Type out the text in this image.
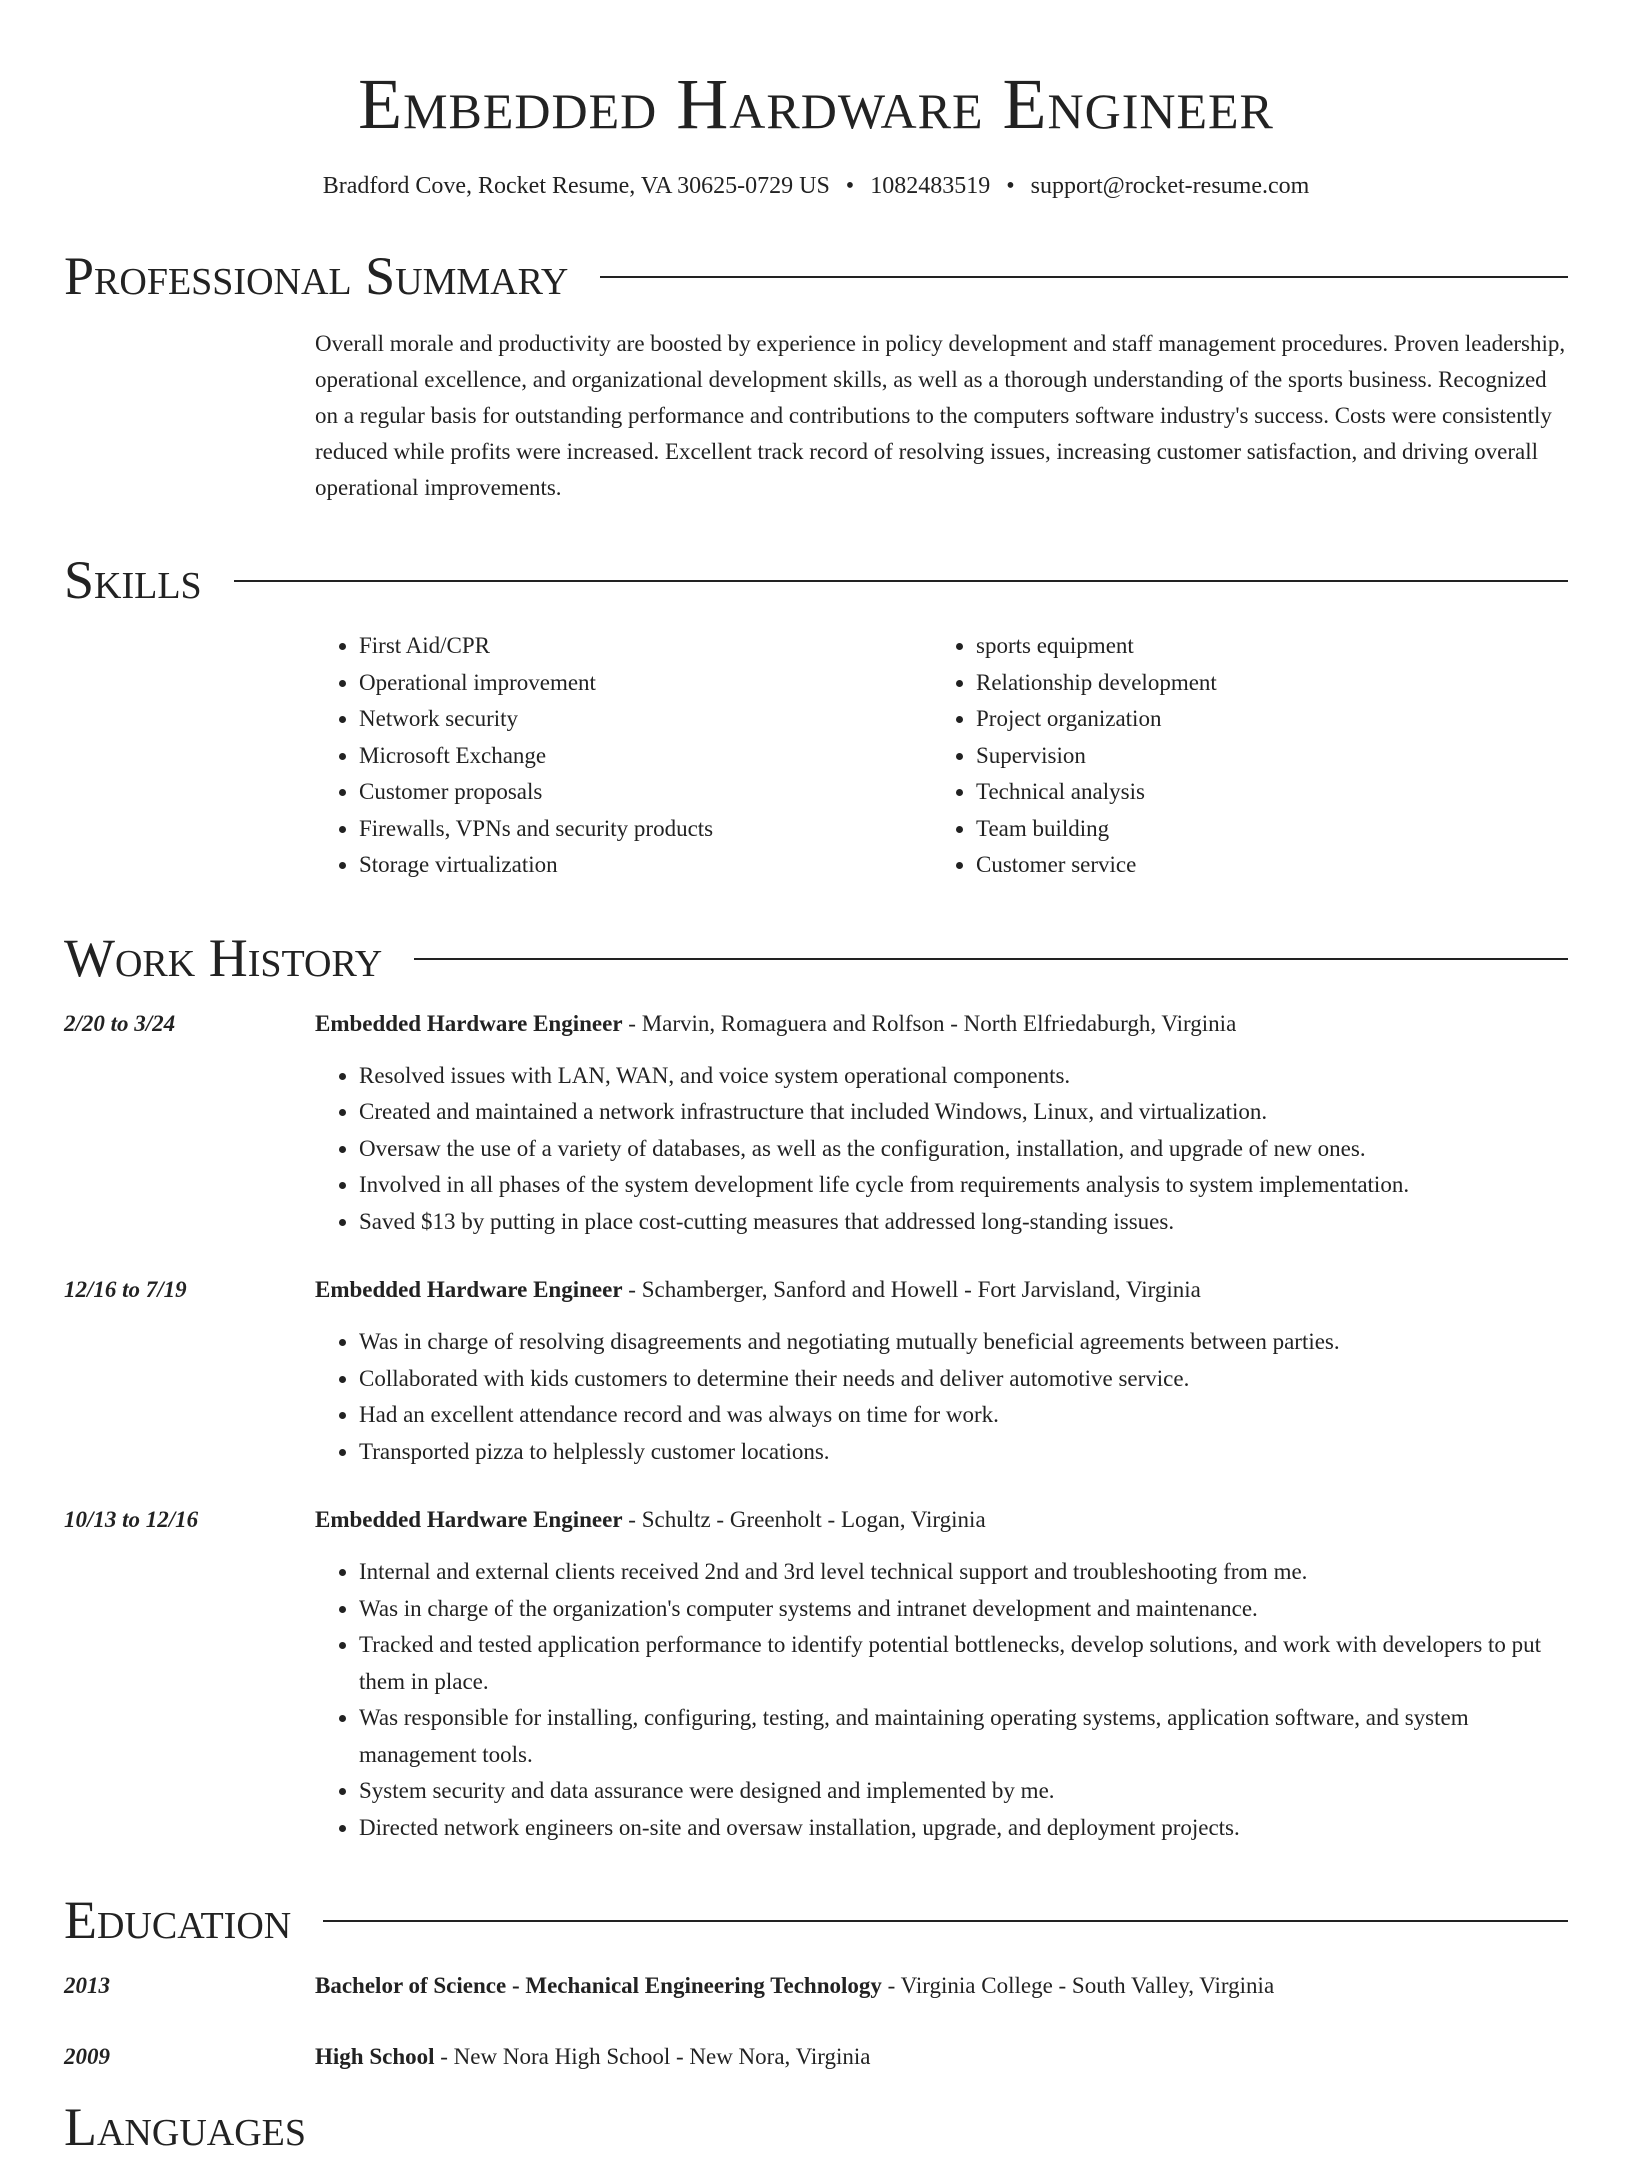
Embedded Hardware Engineer
Bradford Cove, Rocket Resume, VA 30625-0729 US • 1082483519 • support@rocket-resume.com
Professional Summary
Overall morale and productivity are boosted by experience in policy development and staff management procedures. Proven leadership, operational excellence, and organizational development skills, as well as a thorough understanding of the sports business. Recognized on a regular basis for outstanding performance and contributions to the computers software industry's success. Costs were consistently reduced while profits were increased. Excellent track record of resolving issues, increasing customer satisfaction, and driving overall operational improvements.
Skills
• First Aid/CPR
• Operational improvement
• Network security
• Microsoft Exchange
• Customer proposals
• Firewalls, VPNs and security products
• Storage virtualization
• sports equipment
• Relationship development
• Project organization
• Supervision
• Technical analysis
• Team building
• Customer service
Work History
2/20 to 3/24	Embedded Hardware Engineer - Marvin, Romaguera and Rolfson - North Elfriedaburgh, Virginia
• Resolved issues with LAN, WAN, and voice system operational components.
• Created and maintained a network infrastructure that included Windows, Linux, and virtualization.
• Oversaw the use of a variety of databases, as well as the configuration, installation, and upgrade of new ones.
• Involved in all phases of the system development life cycle from requirements analysis to system implementation.
• Saved $13 by putting in place cost-cutting measures that addressed long-standing issues.
12/16 to 7/19	Embedded Hardware Engineer - Schamberger, Sanford and Howell - Fort Jarvisland, Virginia
• Was in charge of resolving disagreements and negotiating mutually beneficial agreements between parties.
• Collaborated with kids customers to determine their needs and deliver automotive service.
• Had an excellent attendance record and was always on time for work.
• Transported pizza to helplessly customer locations.
10/13 to 12/16	Embedded Hardware Engineer - Schultz - Greenholt - Logan, Virginia
• Internal and external clients received 2nd and 3rd level technical support and troubleshooting from me.
• Was in charge of the organization's computer systems and intranet development and maintenance.
• Tracked and tested application performance to identify potential bottlenecks, develop solutions, and work with developers to put them in place.
• Was responsible for installing, configuring, testing, and maintaining operating systems, application software, and system management tools.
• System security and data assurance were designed and implemented by me.
• Directed network engineers on-site and oversaw installation, upgrade, and deployment projects.
Education
2013	Bachelor of Science - Mechanical Engineering Technology - Virginia College - South Valley, Virginia
2009	High School - New Nora High School - New Nora, Virginia
Languages
